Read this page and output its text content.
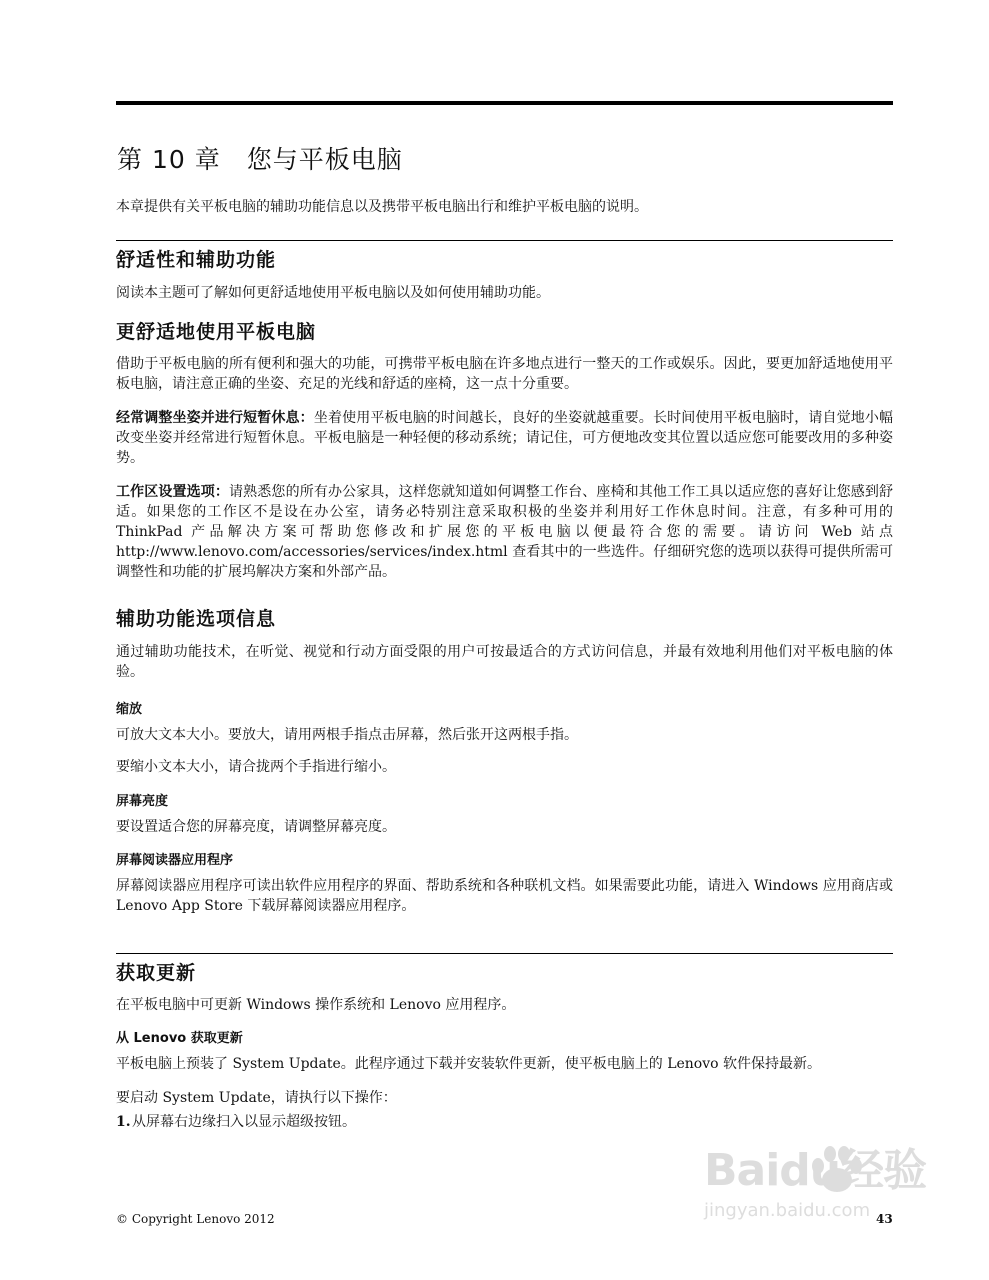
第 10 章 您与平板电脑

本章提供有关平板电脑的辅助功能信息以及携带平板电脑出行和维护平板电脑的说明。

舒适性和辅助功能

阅读本主题可了解如何更舒适地使用平板电脑以及如何使用辅助功能。

更舒适地使用平板电脑

借助于平板电脑的所有便利和强大的功能，可携带平板电脑在许多地点进行一整天的工作或娱乐。因此，要更加舒适地使用平板电脑，请注意正确的坐姿、充足的光线和舒适的座椅，这一点十分重要。

经常调整坐姿并进行短暂休息：坐着使用平板电脑的时间越长，良好的坐姿就越重要。长时间使用平板电脑时，请自觉地小幅改变坐姿并经常进行短暂休息。平板电脑是一种轻便的移动系统；请记住，可方便地改变其位置以适应您可能要改用的多种姿势。

工作区设置选项：请熟悉您的所有办公家具，这样您就知道如何调整工作台、座椅和其他工作工具以适应您的喜好让您感到舒适。如果您的工作区不是设在办公室，请务必特别注意采取积极的坐姿并利用好工作休息时间。注意，有多种可用的 ThinkPad 产品解决方案可帮助您修改和扩展您的平板电脑以便最符合您的需要。请访问 Web 站点 http://www.lenovo.com/accessories/services/index.html 查看其中的一些选件。仔细研究您的选项以获得可提供所需可调整性和功能的扩展坞解决方案和外部产品。

辅助功能选项信息

通过辅助功能技术，在听觉、视觉和行动方面受限的用户可按最适合的方式访问信息，并最有效地利用他们对平板电脑的体验。

缩放

可放大文本大小。要放大，请用两根手指点击屏幕，然后张开这两根手指。

要缩小文本大小，请合拢两个手指进行缩小。

屏幕亮度

要设置适合您的屏幕亮度，请调整屏幕亮度。

屏幕阅读器应用程序

屏幕阅读器应用程序可读出软件应用程序的界面、帮助系统和各种联机文档。如果需要此功能，请进入 Windows 应用商店或 Lenovo App Store 下载屏幕阅读器应用程序。

获取更新

在平板电脑中可更新 Windows 操作系统和 Lenovo 应用程序。

从 Lenovo 获取更新

平板电脑上预装了 System Update。此程序通过下载并安装软件更新，使平板电脑上的 Lenovo 软件保持最新。

要启动 System Update，请执行以下操作：

1.从屏幕右边缘扫入以显示超级按钮。
© Copyright Lenovo 2012	43
Baidu经验
jingyan.baidu.com
